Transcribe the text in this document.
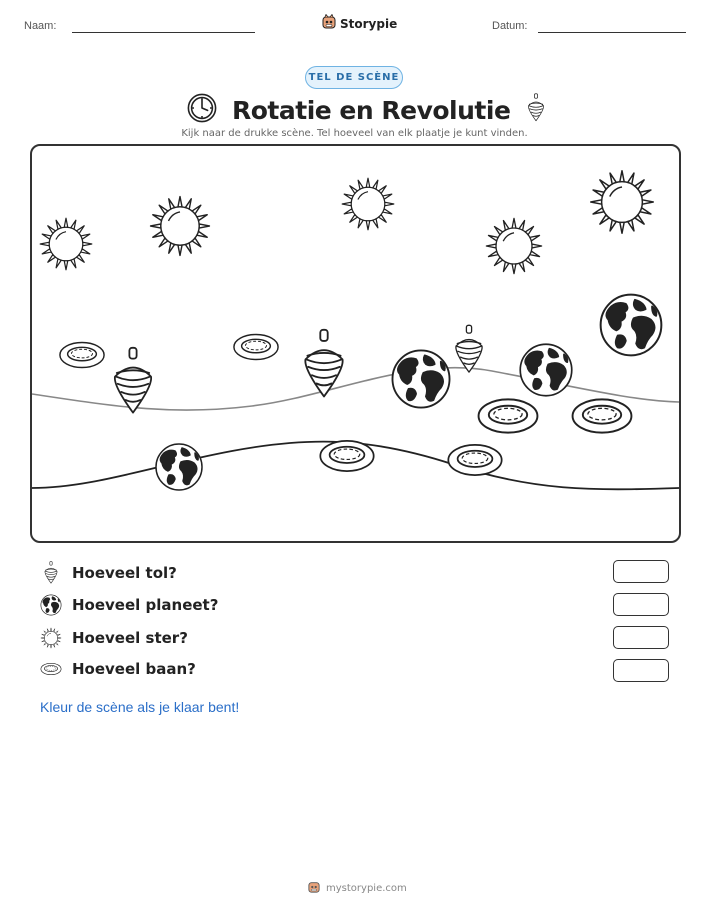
Naam:	Storypie	Datum:
TEL DE SCÈNE
Rotatie en Revolutie
Kijk naar de drukke scène. Tel hoeveel van elk plaatje je kunt vinden.
Hoeveel tol?
Hoeveel planeet?
Hoeveel ster?
Hoeveel baan?
Kleur de scène als je klaar bent!
mystorypie.com
